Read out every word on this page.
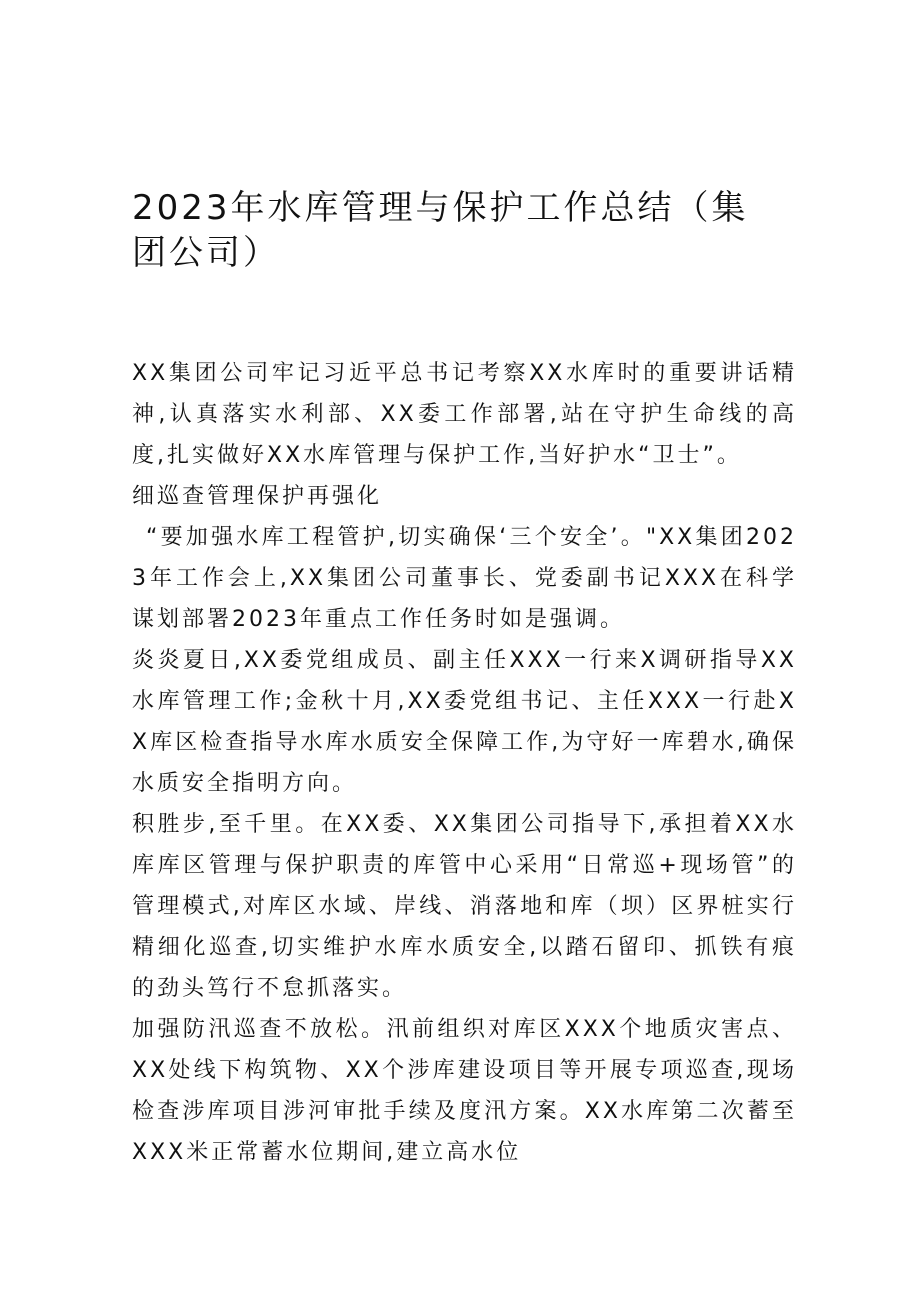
2023年水库管理与保护工作总结（集团公司）

XX集团公司牢记习近平总书记考察XX水库时的重要讲话精神,认真落实水利部、XX委工作部署,站在守护生命线的高度,扎实做好XX水库管理与保护工作,当好护水“卫士”。

细巡查管理保护再强化

“要加强水库工程管护,切实确保‘三个安全’。"XX集团2023年工作会上,XX集团公司董事长、党委副书记XXX在科学谋划部署2023年重点工作任务时如是强调。

炎炎夏日,XX委党组成员、副主任XXX一行来X调研指导XX水库管理工作;金秋十月,XX委党组书记、主任XXX一行赴XX库区检查指导水库水质安全保障工作,为守好一库碧水,确保水质安全指明方向。

积胜步,至千里。在XX委、XX集团公司指导下,承担着XX水库库区管理与保护职责的库管中心采用“日常巡+现场管”的管理模式,对库区水域、岸线、消落地和库（坝）区界桩实行精细化巡查,切实维护水库水质安全,以踏石留印、抓铁有痕的劲头笃行不怠抓落实。

加强防汛巡查不放松。汛前组织对库区XXX个地质灾害点、XX处线下构筑物、XX个涉库建设项目等开展专项巡查,现场检查涉库项目涉河审批手续及度汛方案。XX水库第二次蓄至XXX米正常蓄水位期间,建立高水位
